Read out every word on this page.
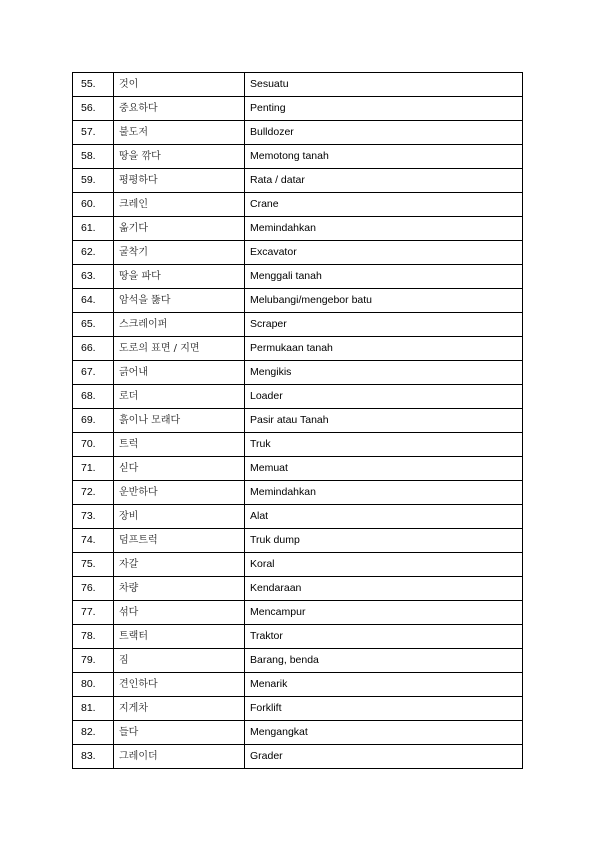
55.	것이	Sesuatu
56.	중요하다	Penting
57.	불도저	Bulldozer
58.	땅을 깎다	Memotong tanah
59.	평평하다	Rata / datar
60.	크레인	Crane
61.	옮기다	Memindahkan
62.	굴착기	Excavator
63.	땅을 파다	Menggali tanah
64.	암석을 뚫다	Melubangi/mengebor batu
65.	스크레이퍼	Scraper
66.	도로의 표면 / 지면	Permukaan tanah
67.	긁어내	Mengikis
68.	로더	Loader
69.	흙이나 모래다	Pasir atau Tanah
70.	트럭	Truk
71.	싣다	Memuat
72.	운반하다	Memindahkan
73.	장비	Alat
74.	덤프트럭	Truk dump
75.	자갈	Koral
76.	차량	Kendaraan
77.	섞다	Mencampur
78.	트랙터	Traktor
79.	짐	Barang, benda
80.	견인하다	Menarik
81.	지게차	Forklift
82.	들다	Mengangkat
83.	그레이더	Grader
